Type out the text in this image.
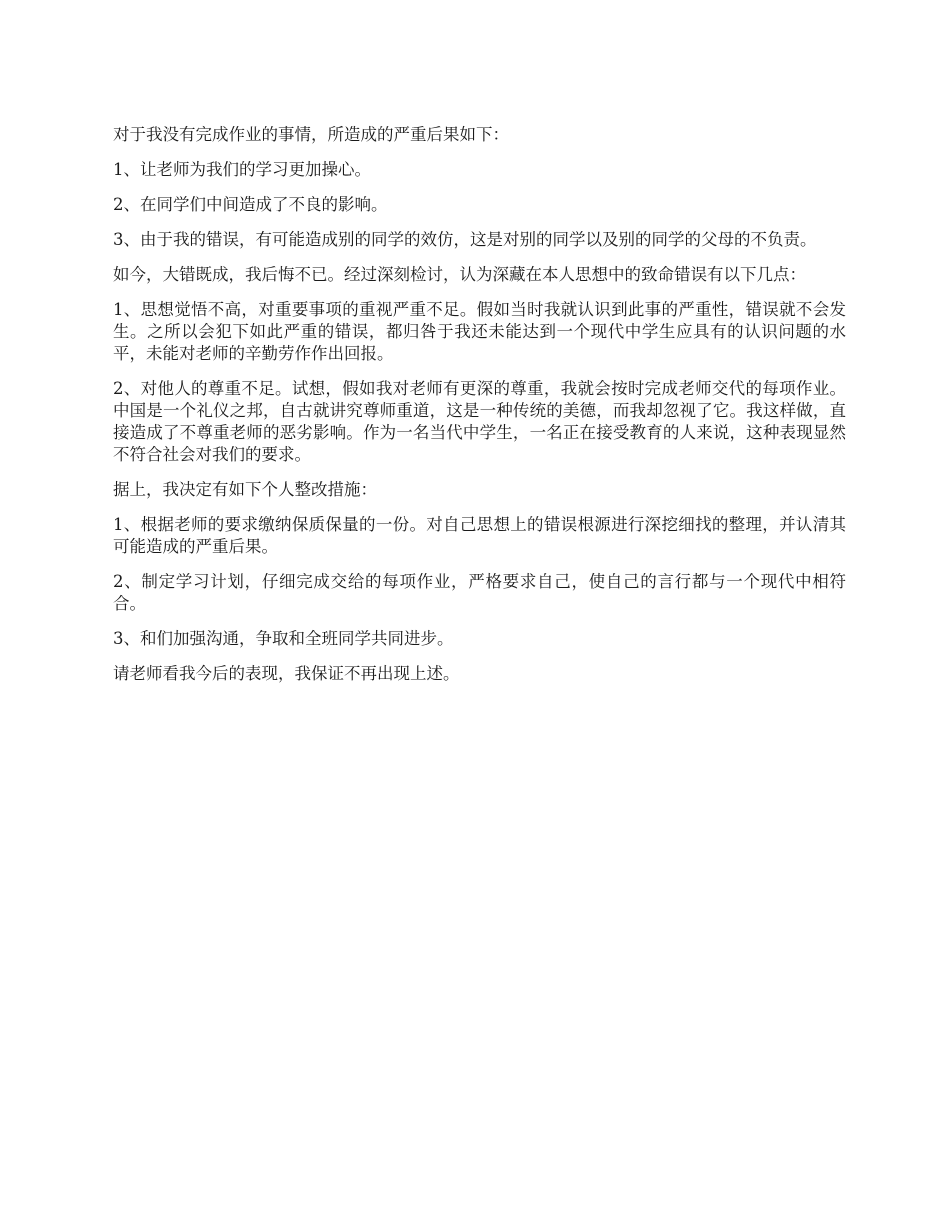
对于我没有完成作业的事情，所造成的严重后果如下：

1、让老师为我们的学习更加操心。

2、在同学们中间造成了不良的影响。

3、由于我的错误，有可能造成别的同学的效仿，这是对别的同学以及别的同学的父母的不负责。

如今，大错既成，我后悔不已。经过深刻检讨，认为深藏在本人思想中的致命错误有以下几点：

1、思想觉悟不高，对重要事项的重视严重不足。假如当时我就认识到此事的严重性，错误就不会发生。之所以会犯下如此严重的错误，都归咎于我还未能达到一个现代中学生应具有的认识问题的水平，未能对老师的辛勤劳作作出回报。

2、对他人的尊重不足。试想，假如我对老师有更深的尊重，我就会按时完成老师交代的每项作业。中国是一个礼仪之邦，自古就讲究尊师重道，这是一种传统的美德，而我却忽视了它。我这样做，直接造成了不尊重老师的恶劣影响。作为一名当代中学生，一名正在接受教育的人来说，这种表现显然不符合社会对我们的要求。

据上，我决定有如下个人整改措施：

1、根据老师的要求缴纳保质保量的一份。对自己思想上的错误根源进行深挖细找的整理，并认清其可能造成的严重后果。

2、制定学习计划，仔细完成交给的每项作业，严格要求自己，使自己的言行都与一个现代中相符合。

3、和们加强沟通，争取和全班同学共同进步。

请老师看我今后的表现，我保证不再出现上述。
